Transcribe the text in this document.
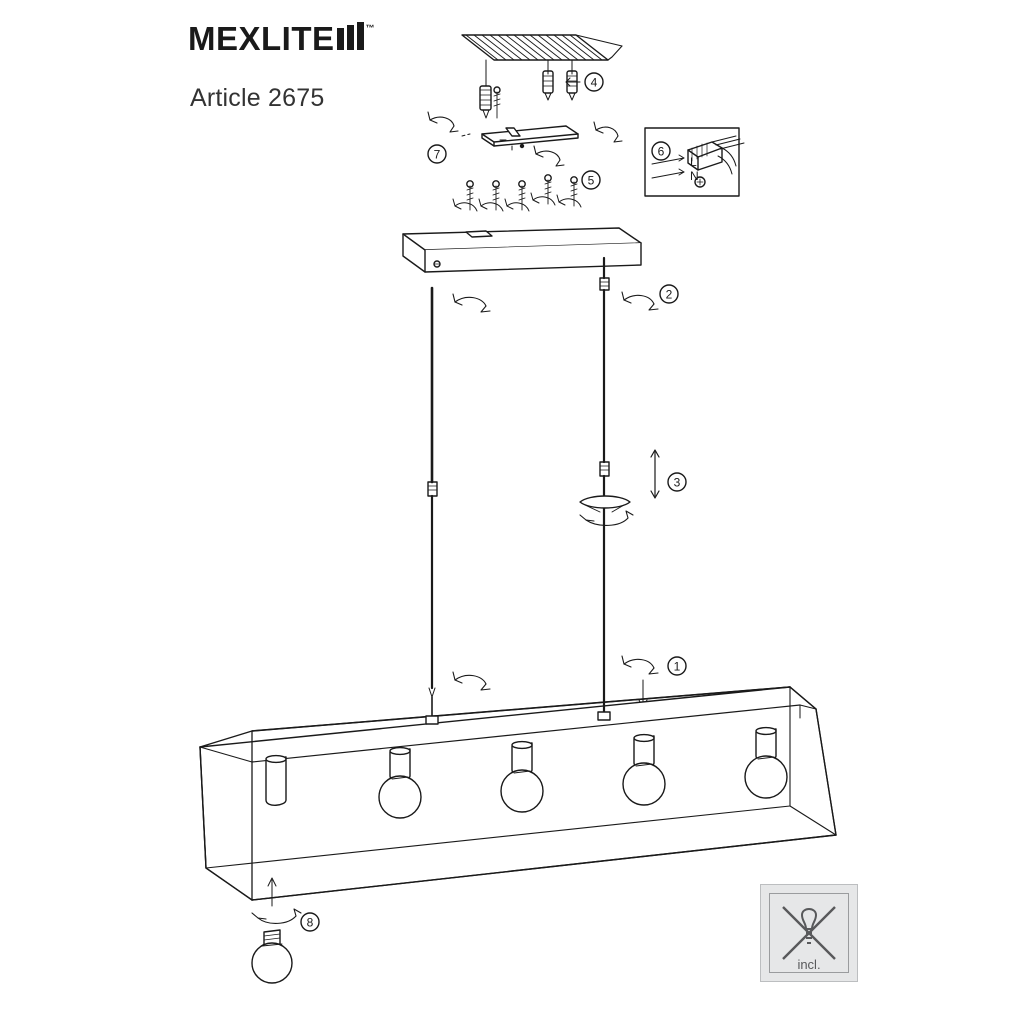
MEXLITE	™
Article 2675
4
7
5
L
N
6
2
3
1
8
incl.
